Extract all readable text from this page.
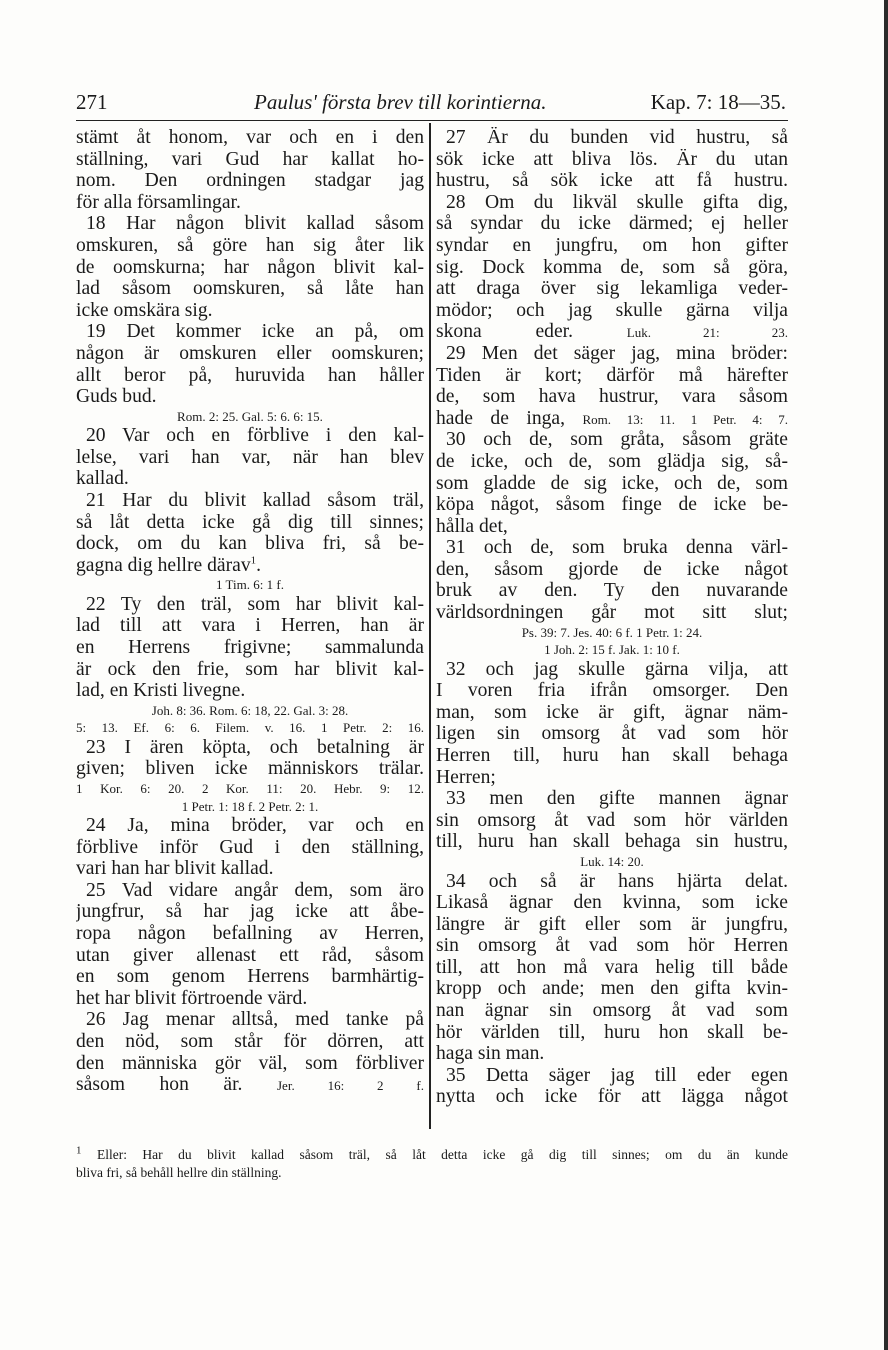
271	Paulus' första brev till korintierna.	Kap. 7: 18—35.
stämt åt honom, var och en i den
ställning, vari Gud har kallat ho-
nom. Den ordningen stadgar jag
för alla församlingar.
18 Har någon blivit kallad såsom
omskuren, så göre han sig åter lik
de oomskurna; har någon blivit kal-
lad såsom oomskuren, så låte han
icke omskära sig.
19 Det kommer icke an på, om
någon är omskuren eller oomskuren;
allt beror på, huruvida han håller
Guds bud.
Rom. 2: 25. Gal. 5: 6. 6: 15.
20 Var och en förblive i den kal-
lelse, vari han var, när han blev
kallad.
21 Har du blivit kallad såsom träl,
så låt detta icke gå dig till sinnes;
dock, om du kan bliva fri, så be-
gagna dig hellre därav$^1$.
1 Tim. 6: 1 f.
22 Ty den träl, som har blivit kal-
lad till att vara i Herren, han är
en Herrens frigivne; sammalunda
är ock den frie, som har blivit kal-
lad, en Kristi livegne.
Joh. 8: 36. Rom. 6: 18, 22. Gal. 3: 28.
5: 13. Ef. 6: 6. Filem. v. 16. 1 Petr. 2: 16.
23 I ären köpta, och betalning är
given; bliven icke människors trälar.
1 Kor. 6: 20. 2 Kor. 11: 20. Hebr. 9: 12.
1 Petr. 1: 18 f. 2 Petr. 2: 1.
24 Ja, mina bröder, var och en
förblive inför Gud i den ställning,
vari han har blivit kallad.
25 Vad vidare angår dem, som äro
jungfrur, så har jag icke att åbe-
ropa någon befallning av Herren,
utan giver allenast ett råd, såsom
en som genom Herrens barmhärtig-
het har blivit förtroende värd.
26 Jag menar alltså, med tanke på
den nöd, som står för dörren, att
den människa gör väl, som förbliver
såsom hon är.	Jer. 16: 2 f.
27 Är du bunden vid hustru, så
sök icke att bliva lös. Är du utan
hustru, så sök icke att få hustru.
28 Om du likväl skulle gifta dig,
så syndar du icke därmed; ej heller
syndar en jungfru, om hon gifter
sig. Dock komma de, som så göra,
att draga över sig lekamliga veder-
mödor; och jag skulle gärna vilja
skona eder.	Luk. 21: 23.
29 Men det säger jag, mina bröder:
Tiden är kort; därför må härefter
de, som hava hustrur, vara såsom
hade de inga, Rom. 13: 11. 1 Petr. 4: 7.
30 och de, som gråta, såsom gräte
de icke, och de, som glädja sig, så-
som gladde de sig icke, och de, som
köpa något, såsom finge de icke be-
hålla det,
31 och de, som bruka denna värl-
den, såsom gjorde de icke något
bruk av den. Ty den nuvarande
världsordningen går mot sitt slut;
Ps. 39: 7. Jes. 40: 6 f. 1 Petr. 1: 24.
1 Joh. 2: 15 f. Jak. 1: 10 f.
32 och jag skulle gärna vilja, att
I voren fria ifrån omsorger. Den
man, som icke är gift, ägnar näm-
ligen sin omsorg åt vad som hör
Herren till, huru han skall behaga
Herren;
33 men den gifte mannen ägnar
sin omsorg åt vad som hör världen
till, huru han skall behaga sin hustru,
Luk. 14: 20.
34 och så är hans hjärta delat.
Likaså ägnar den kvinna, som icke
längre är gift eller som är jungfru,
sin omsorg åt vad som hör Herren
till, att hon må vara helig till både
kropp och ande; men den gifta kvin-
nan ägnar sin omsorg åt vad som
hör världen till, huru hon skall be-
haga sin man.
35 Detta säger jag till eder egen
nytta och icke för att lägga något
$^1$ Eller: Har du blivit kallad såsom träl, så låt detta icke gå dig till sinnes; om du än kunde
bliva fri, så behåll hellre din ställning.
